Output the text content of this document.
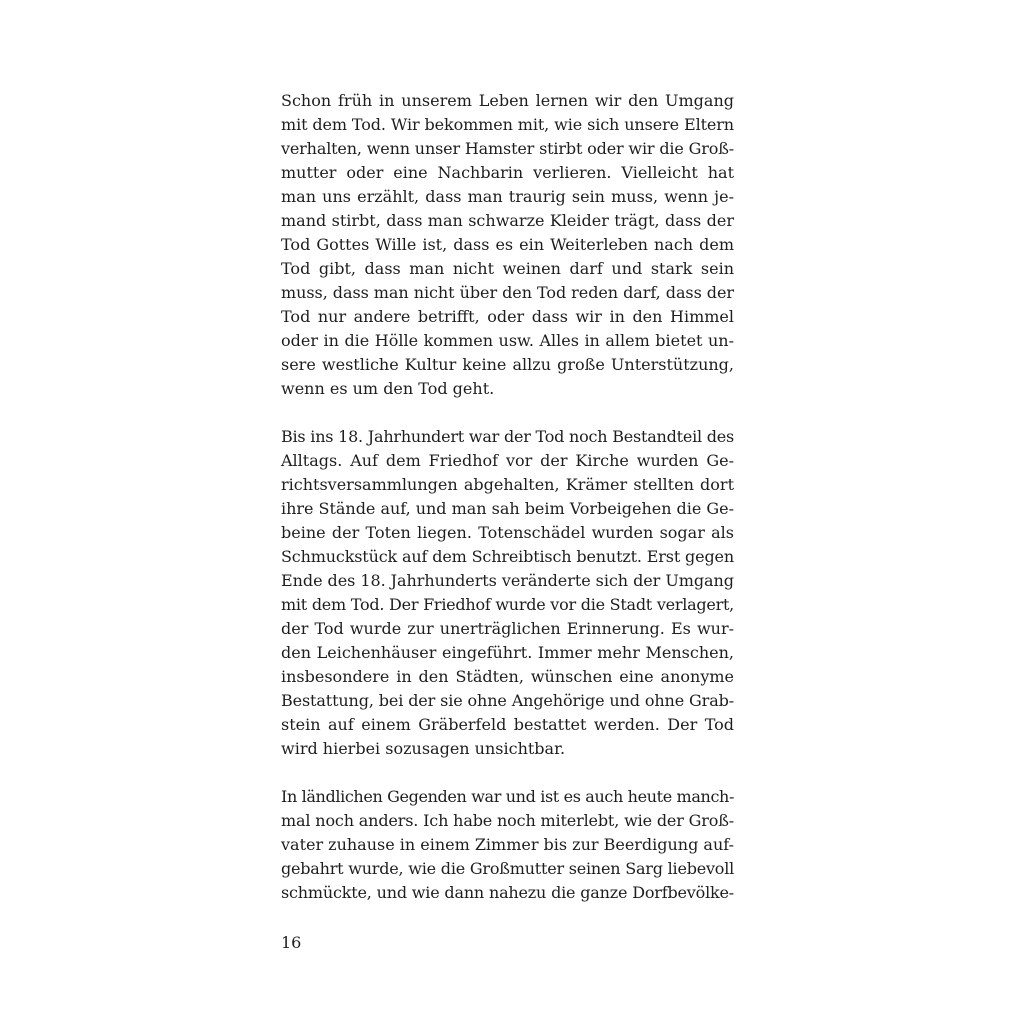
Schon früh in unserem Leben lernen wir den Umgang
mit dem Tod. Wir bekommen mit, wie sich unsere Eltern
verhalten, wenn unser Hamster stirbt oder wir die Groß-
mutter oder eine Nachbarin verlieren. Vielleicht hat
man uns erzählt, dass man traurig sein muss, wenn je-
mand stirbt, dass man schwarze Kleider trägt, dass der
Tod Gottes Wille ist, dass es ein Weiterleben nach dem
Tod gibt, dass man nicht weinen darf und stark sein
muss, dass man nicht über den Tod reden darf, dass der
Tod nur andere betrifft, oder dass wir in den Himmel
oder in die Hölle kommen usw. Alles in allem bietet un-
sere westliche Kultur keine allzu große Unterstützung,
wenn es um den Tod geht.

Bis ins 18. Jahrhundert war der Tod noch Bestandteil des
Alltags. Auf dem Friedhof vor der Kirche wurden Ge-
richtsversammlungen abgehalten, Krämer stellten dort
ihre Stände auf, und man sah beim Vorbeigehen die Ge-
beine der Toten liegen. Totenschädel wurden sogar als
Schmuckstück auf dem Schreibtisch benutzt. Erst gegen
Ende des 18. Jahrhunderts veränderte sich der Umgang
mit dem Tod. Der Friedhof wurde vor die Stadt verlagert,
der Tod wurde zur unerträglichen Erinnerung. Es wur-
den Leichenhäuser eingeführt. Immer mehr Menschen,
insbesondere in den Städten, wünschen eine anonyme
Bestattung, bei der sie ohne Angehörige und ohne Grab-
stein auf einem Gräberfeld bestattet werden. Der Tod
wird hierbei sozusagen unsichtbar.

In ländlichen Gegenden war und ist es auch heute manch-
mal noch anders. Ich habe noch miterlebt, wie der Groß-
vater zuhause in einem Zimmer bis zur Beerdigung auf-
gebahrt wurde, wie die Großmutter seinen Sarg liebevoll
schmückte, und wie dann nahezu die ganze Dorfbevölke-

16
